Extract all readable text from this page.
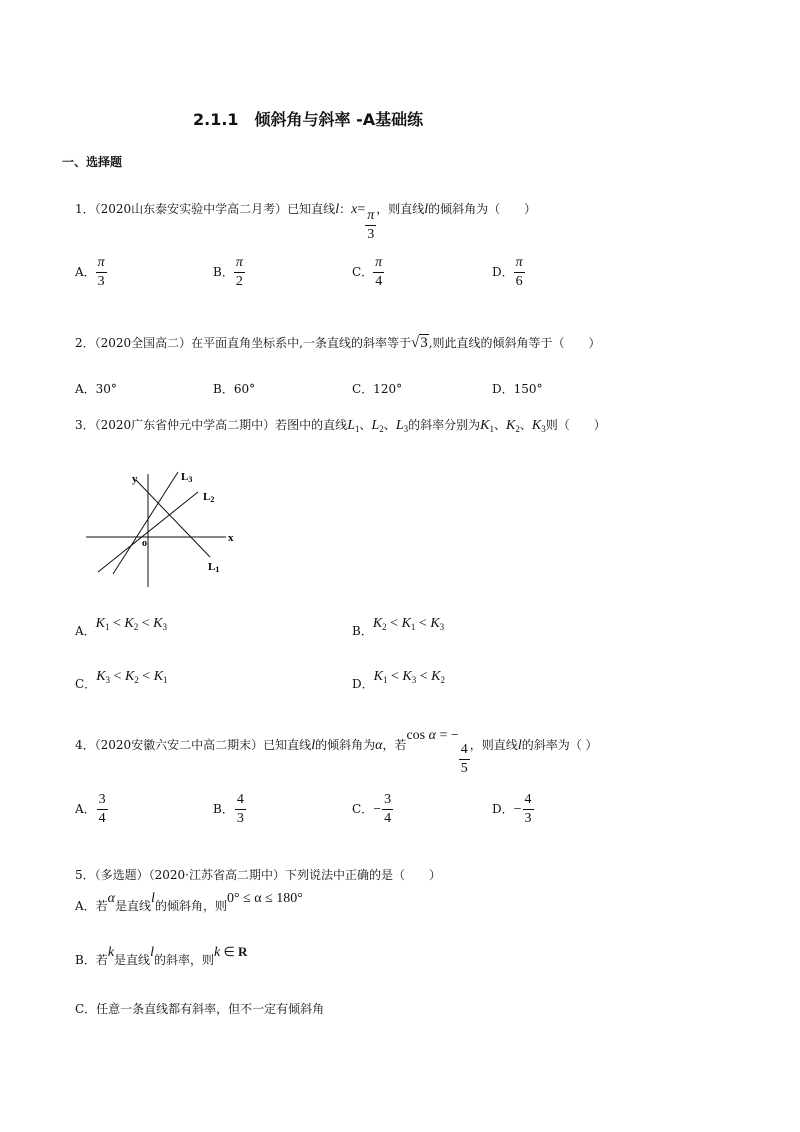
2.1.1　倾斜角与斜率 -A基础练
一、选择题
1．（2020山东泰安实验中学高二月考）已知直线l：$x= \frac{\pi}{3}$ ，则直线l的倾斜角为（　　）
A． $\frac{\pi}{3}$	B． $\frac{\pi}{2}$	C． $\frac{\pi}{4}$	D． $\frac{\pi}{6}$
2．（2020全国高二）在平面直角坐标系中,一条直线的斜率等于√3,则此直线的倾斜角等于（　　）
A．30°	B．60°	C．120°	D．150°
3．（2020广东省仲元中学高二期中）若图中的直线$L_1$、$L_2$、$L_3$的斜率分别为$K_1$、$K_2$、$K_3$则（　　）
y
x
o
L3
L2
L1
A．$K_1 < K_2 < K_3$	B．$K_2 < K_1 < K_3$
C．$K_3 < K_2 < K_1$	D．$K_1 < K_3 < K_2$
4．（2020安徽六安二中高二期末）已知直线l的倾斜角为α，若cos α = −
$\frac{4}{5}$ ，则直线l的斜率为（ ）
A． $\frac{3}{4}$	B． $\frac{4}{3}$	C．− $\frac{3}{4}$	D．− $\frac{4}{3}$
5．（多选题）（2020·江苏省高二期中）下列说法中正确的是（　　）
A．若α是直线l的倾斜角，则0° ≤ α ≤ 180°
B．若k是直线l的斜率，则k ∈ R
C．任意一条直线都有斜率，但不一定有倾斜角
